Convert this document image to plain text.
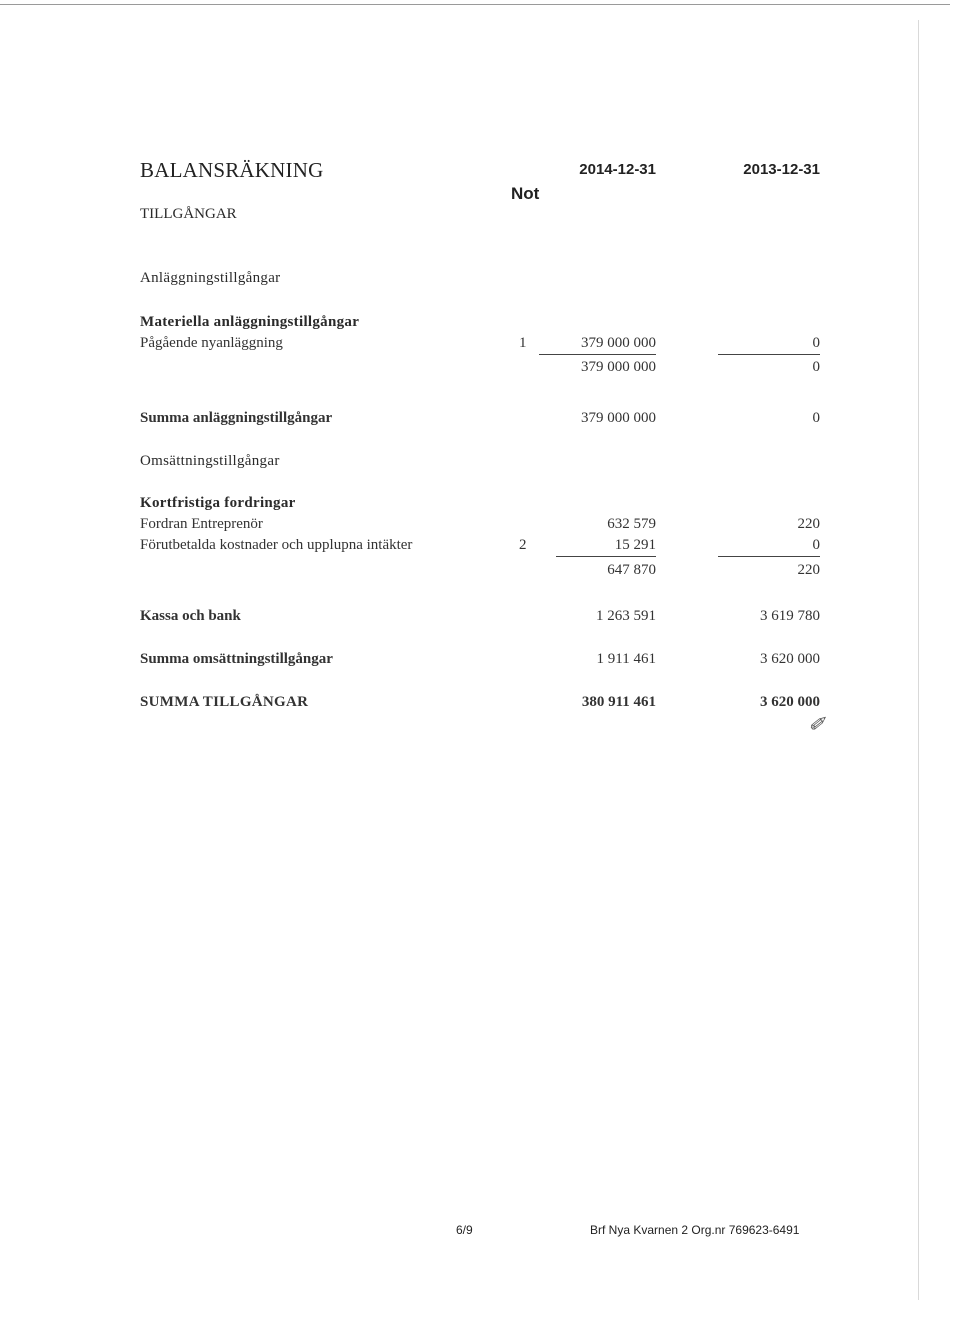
BALANSRÄKNING	2014-12-31	2013-12-31
Not
TILLGÅNGAR
Anläggningstillgångar
Materiella anläggningstillgångar
Pågående nyanläggning	1	379 000 000	0
379 000 000	0
Summa anläggningstillgångar	379 000 000	0
Omsättningstillgångar
Kortfristiga fordringar
Fordran Entreprenör	632 579	220
Förutbetalda kostnader och upplupna intäkter	2	15 291	0
647 870	220
Kassa och bank	1 263 591	3 619 780
Summa omsättningstillgångar	1 911 461	3 620 000
SUMMA TILLGÅNGAR	380 911 461	3 620 000
✐
6/9	Brf Nya Kvarnen 2 Org.nr 769623-6491
